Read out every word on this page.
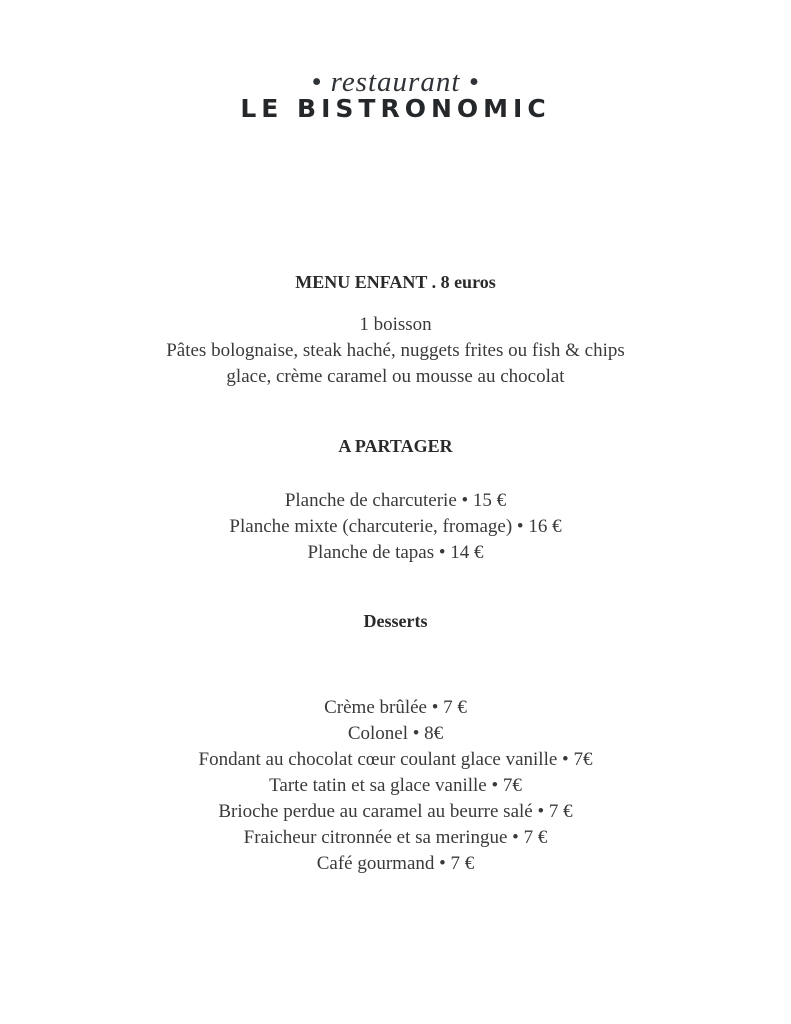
• restaurant •
LE BISTRONOMIC
MENU ENFANT . 8 euros
1 boisson
Pâtes bolognaise, steak haché, nuggets frites ou fish & chips
glace, crème caramel ou mousse au chocolat
A PARTAGER
Planche de charcuterie • 15 €
Planche mixte (charcuterie, fromage) • 16 €
Planche de tapas • 14 €
Desserts
Crème brûlée • 7 €
Colonel • 8€
Fondant au chocolat cœur coulant glace vanille • 7€
Tarte tatin et sa glace vanille • 7€
Brioche perdue au caramel au beurre salé • 7 €
Fraicheur citronnée et sa meringue • 7 €
Café gourmand • 7 €
